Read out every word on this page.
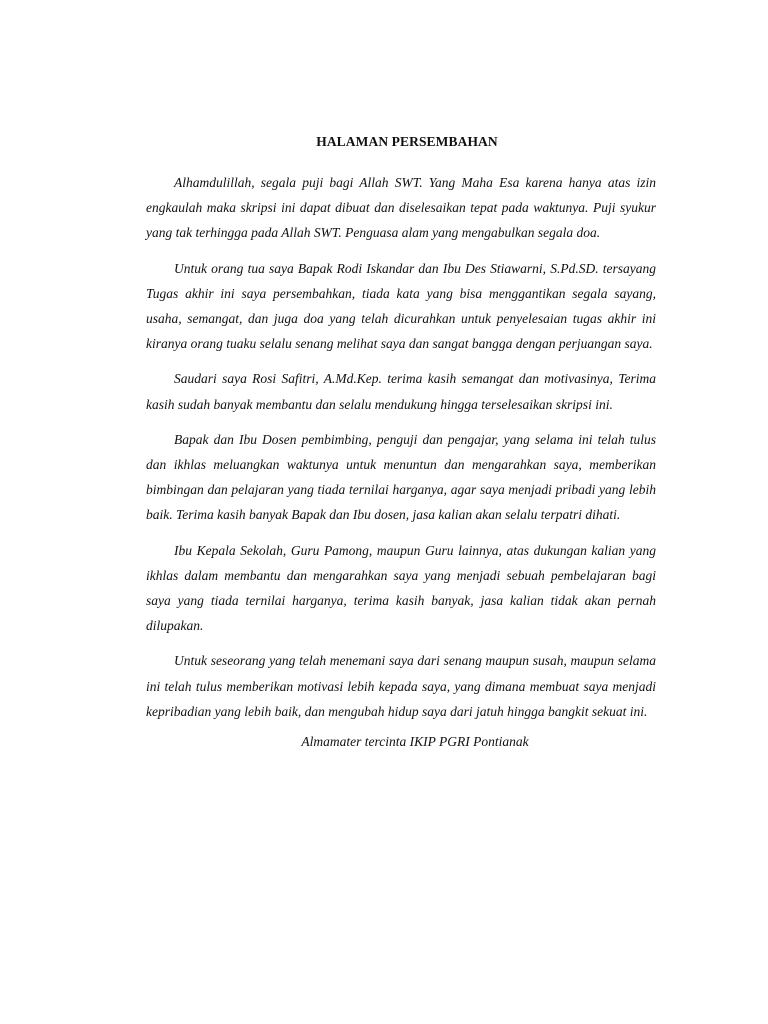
HALAMAN PERSEMBAHAN

Alhamdulillah, segala puji bagi Allah SWT. Yang Maha Esa karena hanya atas izin engkaulah maka skripsi ini dapat dibuat dan diselesaikan tepat pada waktunya. Puji syukur yang tak terhingga pada Allah SWT. Penguasa alam yang mengabulkan segala doa.

Untuk orang tua saya Bapak Rodi Iskandar dan Ibu Des Stiawarni, S.Pd.SD. tersayang Tugas akhir ini saya persembahkan, tiada kata yang bisa menggantikan segala sayang, usaha, semangat, dan juga doa yang telah dicurahkan untuk penyelesaian tugas akhir ini kiranya orang tuaku selalu senang melihat saya dan sangat bangga dengan perjuangan saya.

Saudari saya Rosi Safitri, A.Md.Kep. terima kasih semangat dan motivasinya, Terima kasih sudah banyak membantu dan selalu mendukung hingga terselesaikan skripsi ini.

Bapak dan Ibu Dosen pembimbing, penguji dan pengajar, yang selama ini telah tulus dan ikhlas meluangkan waktunya untuk menuntun dan mengarahkan saya, memberikan bimbingan dan pelajaran yang tiada ternilai harganya, agar saya menjadi pribadi yang lebih baik. Terima kasih banyak Bapak dan Ibu dosen, jasa kalian akan selalu terpatri dihati.

Ibu Kepala Sekolah, Guru Pamong, maupun Guru lainnya, atas dukungan kalian yang ikhlas dalam membantu dan mengarahkan saya yang menjadi sebuah pembelajaran bagi saya yang tiada ternilai harganya, terima kasih banyak, jasa kalian tidak akan pernah dilupakan.

Untuk seseorang yang telah menemani saya dari senang maupun susah, maupun selama ini telah tulus memberikan motivasi lebih kepada saya, yang dimana membuat saya menjadi kepribadian yang lebih baik, dan mengubah hidup saya dari jatuh hingga bangkit sekuat ini.

Almamater tercinta IKIP PGRI Pontianak
